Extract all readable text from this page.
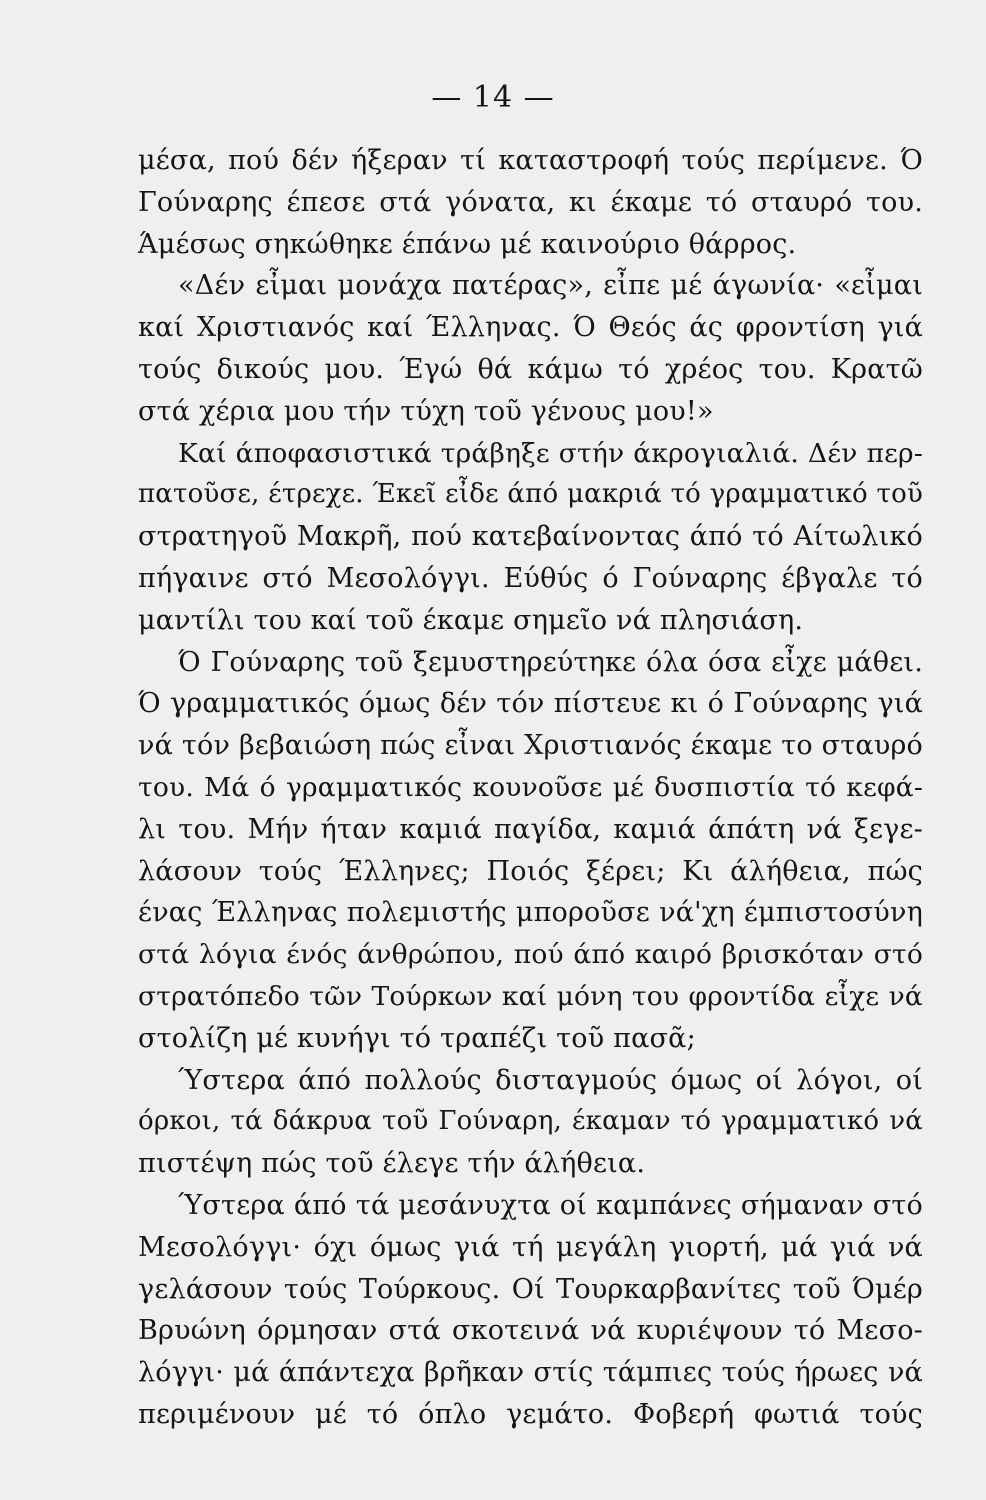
— 14 —
μέσα, πού δέν ήξεραν τί καταστροφή τούς περίμενε. Ό
Γούναρης έπεσε στά γόνατα, κι έκαμε τό σταυρό του.
Άμέσως σηκώθηκε έπάνω μέ καινούριο θάρρος.
«Δέν εἶμαι μονάχα πατέρας», εἶπε μέ άγωνία· «εἶμαι
καί Χριστιανός καί Έλληνας. Ό Θεός άς φροντίση γιά
τούς δικούς μου. Έγώ θά κάμω τό χρέος του. Κρατῶ
στά χέρια μου τήν τύχη τοῦ γένους μου!»
Καί άποφασιστικά τράβηξε στήν άκρογιαλιά. Δέν περ-
πατοῦσε, έτρεχε. Έκεῖ εἶδε άπό μακριά τό γραμματικό τοῦ
στρατηγοῦ Μακρῆ, πού κατεβαίνοντας άπό τό Αίτωλικό
πήγαινε στό Μεσολόγγι. Εύθύς ό Γούναρης έβγαλε τό
μαντίλι του καί τοῦ έκαμε σημεῖο νά πλησιάση.
Ό Γούναρης τοῦ ξεμυστηρεύτηκε όλα όσα εἶχε μάθει.
Ό γραμματικός όμως δέν τόν πίστευε κι ό Γούναρης γιά
νά τόν βεβαιώση πώς εἶναι Χριστιανός έκαμε το σταυρό
του. Μά ό γραμματικός κουνοῦσε μέ δυσπιστία τό κεφά-
λι του. Μήν ήταν καμιά παγίδα, καμιά άπάτη νά ξεγε-
λάσουν τούς Έλληνες; Ποιός ξέρει; Κι άλήθεια, πώς
ένας Έλληνας πολεμιστής μποροῦσε νά'χη έμπιστοσύνη
στά λόγια ένός άνθρώπου, πού άπό καιρό βρισκόταν στό
στρατόπεδο τῶν Τούρκων καί μόνη του φροντίδα εἶχε νά
στολίζη μέ κυνήγι τό τραπέζι τοῦ πασᾶ;
Ύστερα άπό πολλούς δισταγμούς όμως οί λόγοι, οί
όρκοι, τά δάκρυα τοῦ Γούναρη, έκαμαν τό γραμματικό νά
πιστέψη πώς τοῦ έλεγε τήν άλήθεια.
Ύστερα άπό τά μεσάνυχτα οί καμπάνες σήμαναν στό
Μεσολόγγι· όχι όμως γιά τή μεγάλη γιορτή, μά γιά νά
γελάσουν τούς Τούρκους. Οί Τουρκαρβανίτες τοῦ Όμέρ
Βρυώνη όρμησαν στά σκοτεινά νά κυριέψουν τό Μεσο-
λόγγι· μά άπάντεχα βρῆκαν στίς τάμπιες τούς ήρωες νά
περιμένουν μέ τό όπλο γεμάτο. Φοβερή φωτιά τούς
